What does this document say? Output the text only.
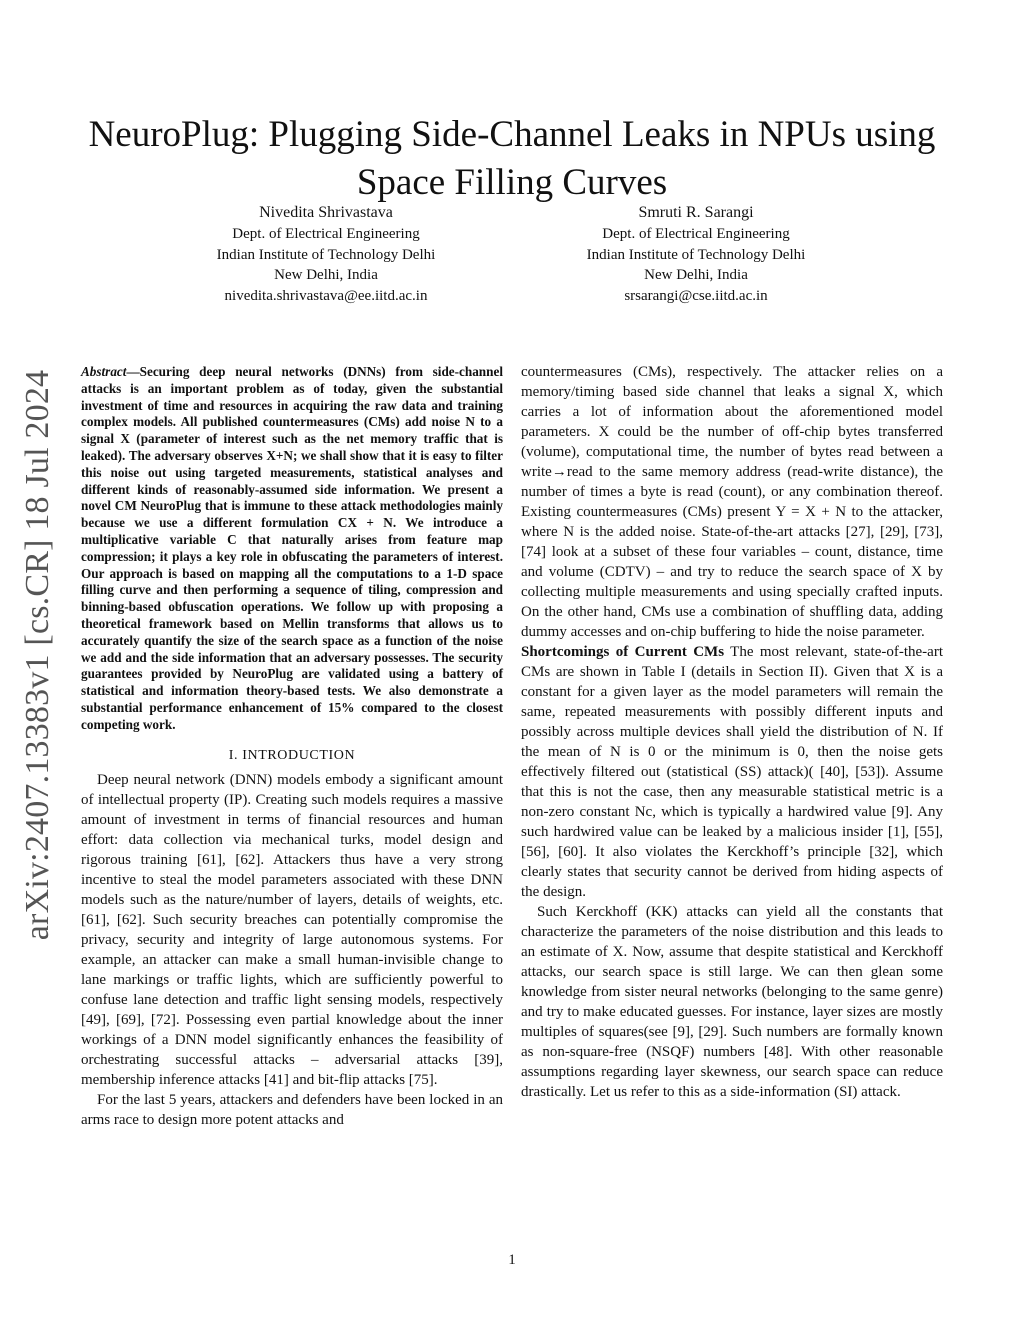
arXiv:2407.13383v1 [cs.CR] 18 Jul 2024
NeuroPlug: Plugging Side-Channel Leaks in NPUs using Space Filling Curves
Nivedita Shrivastava
Dept. of Electrical Engineering
Indian Institute of Technology Delhi
New Delhi, India
nivedita.shrivastava@ee.iitd.ac.in
Smruti R. Sarangi
Dept. of Electrical Engineering
Indian Institute of Technology Delhi
New Delhi, India
srsarangi@cse.iitd.ac.in

Abstract—Securing deep neural networks (DNNs) from side-channel attacks is an important problem as of today, given the substantial investment of time and resources in acquiring the raw data and training complex models. All published countermeasures (CMs) add noise N to a signal X (parameter of interest such as the net memory traffic that is leaked). The adversary observes X+N; we shall show that it is easy to filter this noise out using targeted measurements, statistical analyses and different kinds of reasonably-assumed side information. We present a novel CM NeuroPlug that is immune to these attack methodologies mainly because we use a different formulation CX + N. We introduce a multiplicative variable C that naturally arises from feature map compression; it plays a key role in obfuscating the parameters of interest. Our approach is based on mapping all the computations to a 1-D space filling curve and then performing a sequence of tiling, compression and binning-based obfuscation operations. We follow up with proposing a theoretical framework based on Mellin transforms that allows us to accurately quantify the size of the search space as a function of the noise we add and the side information that an adversary possesses. The security guarantees provided by NeuroPlug are validated using a battery of statistical and information theory-based tests. We also demonstrate a substantial performance enhancement of 15% compared to the closest competing work.

I. INTRODUCTION

Deep neural network (DNN) models embody a significant amount of intellectual property (IP). Creating such models requires a massive amount of investment in terms of financial resources and human effort: data collection via mechanical turks, model design and rigorous training [61], [62]. Attackers thus have a very strong incentive to steal the model parameters associated with these DNN models such as the nature/number of layers, details of weights, etc. [61], [62]. Such security breaches can potentially compromise the privacy, security and integrity of large autonomous systems. For example, an attacker can make a small human-invisible change to lane markings or traffic lights, which are sufficiently powerful to confuse lane detection and traffic light sensing models, respectively [49], [69], [72]. Possessing even partial knowledge about the inner workings of a DNN model significantly enhances the feasibility of orchestrating successful attacks – adversarial attacks [39], membership inference attacks [41] and bit-flip attacks [75].

For the last 5 years, attackers and defenders have been locked in an arms race to design more potent attacks and

countermeasures (CMs), respectively. The attacker relies on a memory/timing based side channel that leaks a signal X, which carries a lot of information about the aforementioned model parameters. X could be the number of off-chip bytes transferred (volume), computational time, the number of bytes read between a write→read to the same memory address (read-write distance), the number of times a byte is read (count), or any combination thereof. Existing countermeasures (CMs) present Y = X + N to the attacker, where N is the added noise. State-of-the-art attacks [27], [29], [73], [74] look at a subset of these four variables – count, distance, time and volume (CDTV) – and try to reduce the search space of X by collecting multiple measurements and using specially crafted inputs. On the other hand, CMs use a combination of shuffling data, adding dummy accesses and on-chip buffering to hide the noise parameter.

Shortcomings of Current CMs The most relevant, state-of-the-art CMs are shown in Table I (details in Section II). Given that X is a constant for a given layer as the model parameters will remain the same, repeated measurements with possibly different inputs and possibly across multiple devices shall yield the distribution of N. If the mean of N is 0 or the minimum is 0, then the noise gets effectively filtered out (statistical (SS) attack)( [40], [53]). Assume that this is not the case, then any measurable statistical metric is a non-zero constant Nc, which is typically a hardwired value [9]. Any such hardwired value can be leaked by a malicious insider [1], [55], [56], [60]. It also violates the Kerckhoff’s principle [32], which clearly states that security cannot be derived from hiding aspects of the design.

Such Kerckhoff (KK) attacks can yield all the constants that characterize the parameters of the noise distribution and this leads to an estimate of X. Now, assume that despite statistical and Kerckhoff attacks, our search space is still large. We can then glean some knowledge from sister neural networks (belonging to the same genre) and try to make educated guesses. For instance, layer sizes are mostly multiples of squares(see [9], [29]. Such numbers are formally known as non-square-free (NSQF) numbers [48]. With other reasonable assumptions regarding layer skewness, our search space can reduce drastically. Let us refer to this as a side-information (SI) attack.

1
